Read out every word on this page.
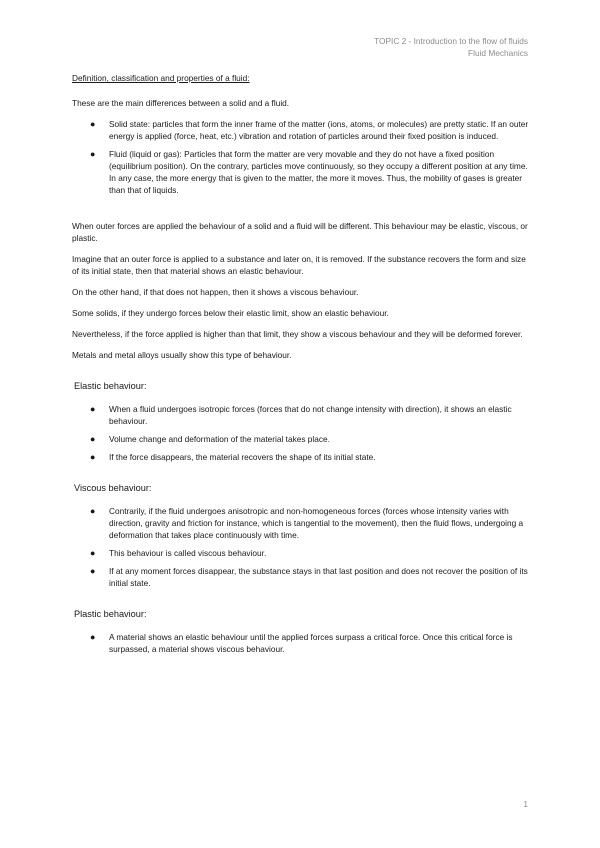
TOPIC 2 - Introduction to the flow of fluids
Fluid Mechanics
Definition, classification and properties of a fluid:

These are the main differences between a solid and a fluid.

● Solid state: particles that form the inner frame of the matter (ions, atoms, or molecules) are pretty static. If an outer energy is applied (force, heat, etc.) vibration and rotation of particles around their fixed position is induced.
● Fluid (liquid or gas): Particles that form the matter are very movable and they do not have a fixed position (equilibrium position). On the contrary, particles move continuously, so they occupy a different position at any time. In any case, the more energy that is given to the matter, the more it moves. Thus, the mobility of gases is greater than that of liquids.

When outer forces are applied the behaviour of a solid and a fluid will be different. This behaviour may be elastic, viscous, or plastic.

Imagine that an outer force is applied to a substance and later on, it is removed. If the substance recovers the form and size of its initial state, then that material shows an elastic behaviour.

On the other hand, if that does not happen, then it shows a viscous behaviour.

Some solids, if they undergo forces below their elastic limit, show an elastic behaviour.

Nevertheless, if the force applied is higher than that limit, they show a viscous behaviour and they will be deformed forever.

Metals and metal alloys usually show this type of behaviour.

Elastic behaviour:
● When a fluid undergoes isotropic forces (forces that do not change intensity with direction), it shows an elastic behaviour.
● Volume change and deformation of the material takes place.
● If the force disappears, the material recovers the shape of its initial state.
Viscous behaviour:
● Contrarily, if the fluid undergoes anisotropic and non-homogeneous forces (forces whose intensity varies with direction, gravity and friction for instance, which is tangential to the movement), then the fluid flows, undergoing a deformation that takes place continuously with time.
● This behaviour is called viscous behaviour.
● If at any moment forces disappear, the substance stays in that last position and does not recover the position of its initial state.
Plastic behaviour:
● A material shows an elastic behaviour until the applied forces surpass a critical force. Once this critical force is surpassed, a material shows viscous behaviour.
1
